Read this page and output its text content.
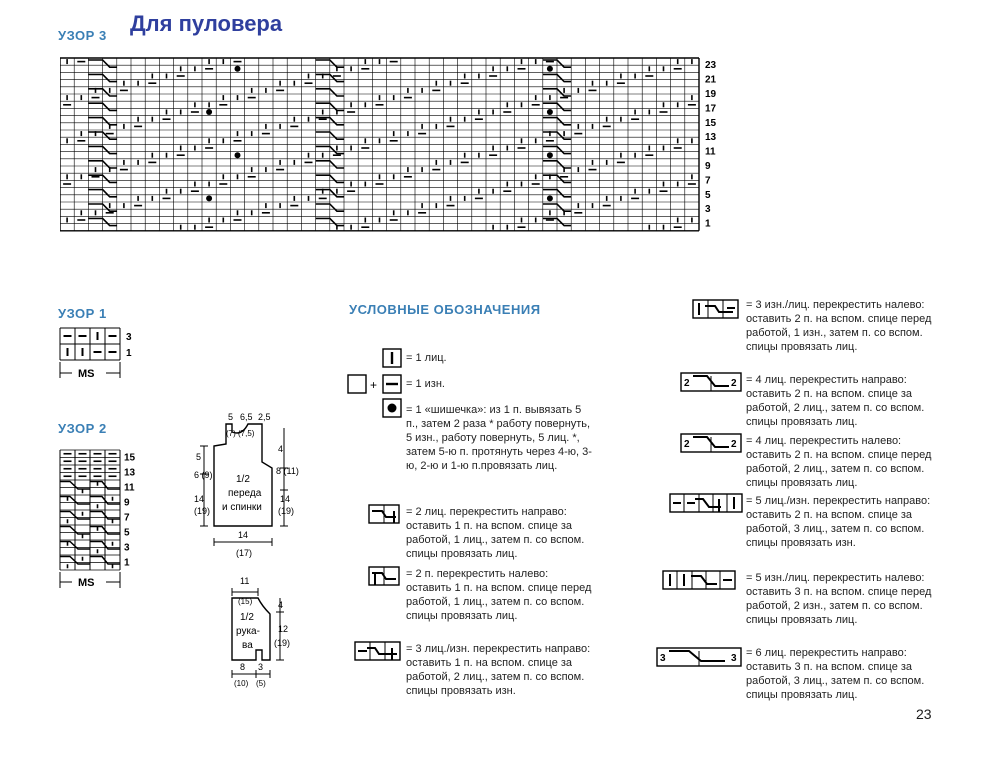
Для пуловера
УЗОР 3
23
21
19
17
15
13
11
9
7
5
3
1
УЗОР 1
3
1
MS
УЗОР 2
15
13
11
9
7
5
3
1
MS
5 6,5 2,5
(7) (7,5)
5
6 (9)
14
(19)
4
8 (11)
14
(19)
1/2
переда
и спинки
14
(17)
11
(15)
1/2
рука-
ва
4
12
(19)
8 3
(10) (5)
УСЛОВНЫЕ ОБОЗНАЧЕНИЯ
+	2	2
2	2
3	3
= 1 лиц.
= 1 изн.
= 1 «шишечка»: из 1 п. вывязать 5 п., затем 2 раза * работу повернуть, 5 изн., работу повернуть, 5 лиц. *, затем 5-ю п. протянуть через 4-ю, 3-ю, 2-ю и 1-ю п.провязать лиц.
= 2 лиц. перекрестить направо: оставить 1 п. на вспом. спице за работой, 1 лиц., затем п. со вспом. спицы провязать лиц.
= 2 п. перекрестить налево: оставить 1 п. на вспом. спице перед работой, 1 лиц., затем п. со вспом. спицы провязать лиц.
= 3 лиц./изн. перекрестить направо: оставить 1 п. на вспом. спице за работой, 2 лиц., затем п. со вспом. спицы провязать изн.
= 3 изн./лиц. перекрестить налево: оставить 2 п. на вспом. спице перед работой, 1 изн., затем п. со вспом. спицы провязать лиц.
= 4 лиц. перекрестить направо: оставить 2 п. на вспом. спице за работой, 2 лиц., затем п. со вспом. спицы провязать лиц.
= 4 лиц. перекрестить налево: оставить 2 п. на вспом. спице перед работой, 2 лиц., затем п. со вспом. спицы провязать лиц.
= 5 лиц./изн. перекрестить направо: оставить 2 п. на вспом. спице за работой, 3 лиц., затем п. со вспом. спицы провязать изн.
= 5 изн./лиц. перекрестить налево: оставить 3 п. на вспом. спице перед работой, 2 изн., затем п. со вспом. спицы провязать лиц.
= 6 лиц. перекрестить направо: оставить 3 п. на вспом. спице за работой, 3 лиц., затем п. со вспом. спицы провязать лиц.
23
